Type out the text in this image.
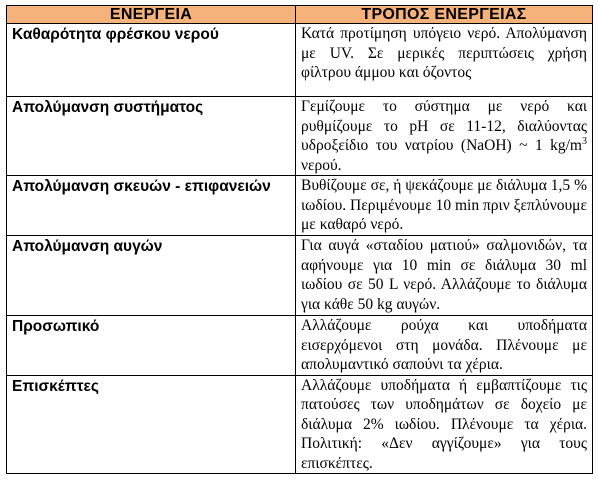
ΕΝΕΡΓΕΙΑ	ΤΡΟΠΟΣ ΕΝΕΡΓΕΙΑΣ
Καθαρότητα φρέσκου νερού	Κατά προτίμηση υπόγειο νερό. Απολύμανση με UV. Σε μερικές περιπτώσεις χρήση φίλτρου άμμου και όζοντος
Απολύμανση συστήματος	Γεμίζουμε το σύστημα με νερό και ρυθμίζουμε το pH σε 11-12, διαλύοντας υδροξείδιο του νατρίου (NaOH) ~ 1 $kg/m^3$ νερού.
Απολύμανση σκευών - επιφανειών	Βυθίζουμε σε, ή ψεκάζουμε με διάλυμα 1,5 % ιωδίου. Περιμένουμε 10 min πριν ξεπλύνουμε με καθαρό νερό.
Απολύμανση αυγών	Για αυγά «σταδίου ματιού» σαλμονιδών, τα αφήνουμε για 10 min σε διάλυμα 30 ml ιωδίου σε 50 L νερό. Αλλάζουμε το διάλυμα για κάθε 50 kg αυγών.
Προσωπικό	Αλλάζουμε ρούχα και υποδήματα εισερχόμενοι στη μονάδα. Πλένουμε με απολυμαντικό σαπούνι τα χέρια.
Επισκέπτες	Αλλάζουμε υποδήματα ή εμβαπτίζουμε τις πατούσες των υποδημάτων σε δοχείο με διάλυμα 2% ιωδίου. Πλένουμε τα χέρια. Πολιτική: «Δεν αγγίζουμε» για τους επισκέπτες.
